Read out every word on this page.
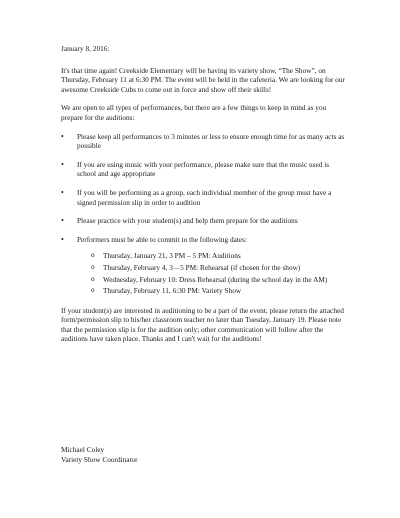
January 8, 2016:

It's that time again! Creekside Elementary will be having its variety show, “The Show”, on Thursday, February 11 at 6:30 PM. The event will be held in the cafeteria. We are looking for our awesome Creekside Cubs to come out in force and show off their skills!

We are open to all types of performances, but there are a few things to keep in mind as you prepare for the auditions:

• Please keep all performances to 3 minutes or less to ensure enough time for as many acts as possible
• If you are using music with your performance, please make sure that the music used is school and age appropriate
• If you will be performing as a group, each individual member of the group must have a signed permission slip in order to audition
• Please practice with your student(s) and help them prepare for the auditions
• Performers must be able to commit to the following dates:
o Thursday, January 21, 3 PM – 5 PM: Auditions
o Thursday, February 4, 3 – 5 PM: Rehearsal (if chosen for the show)
o Wednesday, February 10: Dress Rehearsal (during the school day in the AM)
o Thursday, February 11, 6:30 PM: Variety Show

If your student(s) are interested in auditioning to be a part of the event, please return the attached form/permission slip to his/her classroom teacher no later than Tuesday, January 19. Please note that the permission slip is for the audition only; other communication will follow after the auditions have taken place. Thanks and I can't wait for the auditions!

Michael Coley

Variety Show Coordinator
